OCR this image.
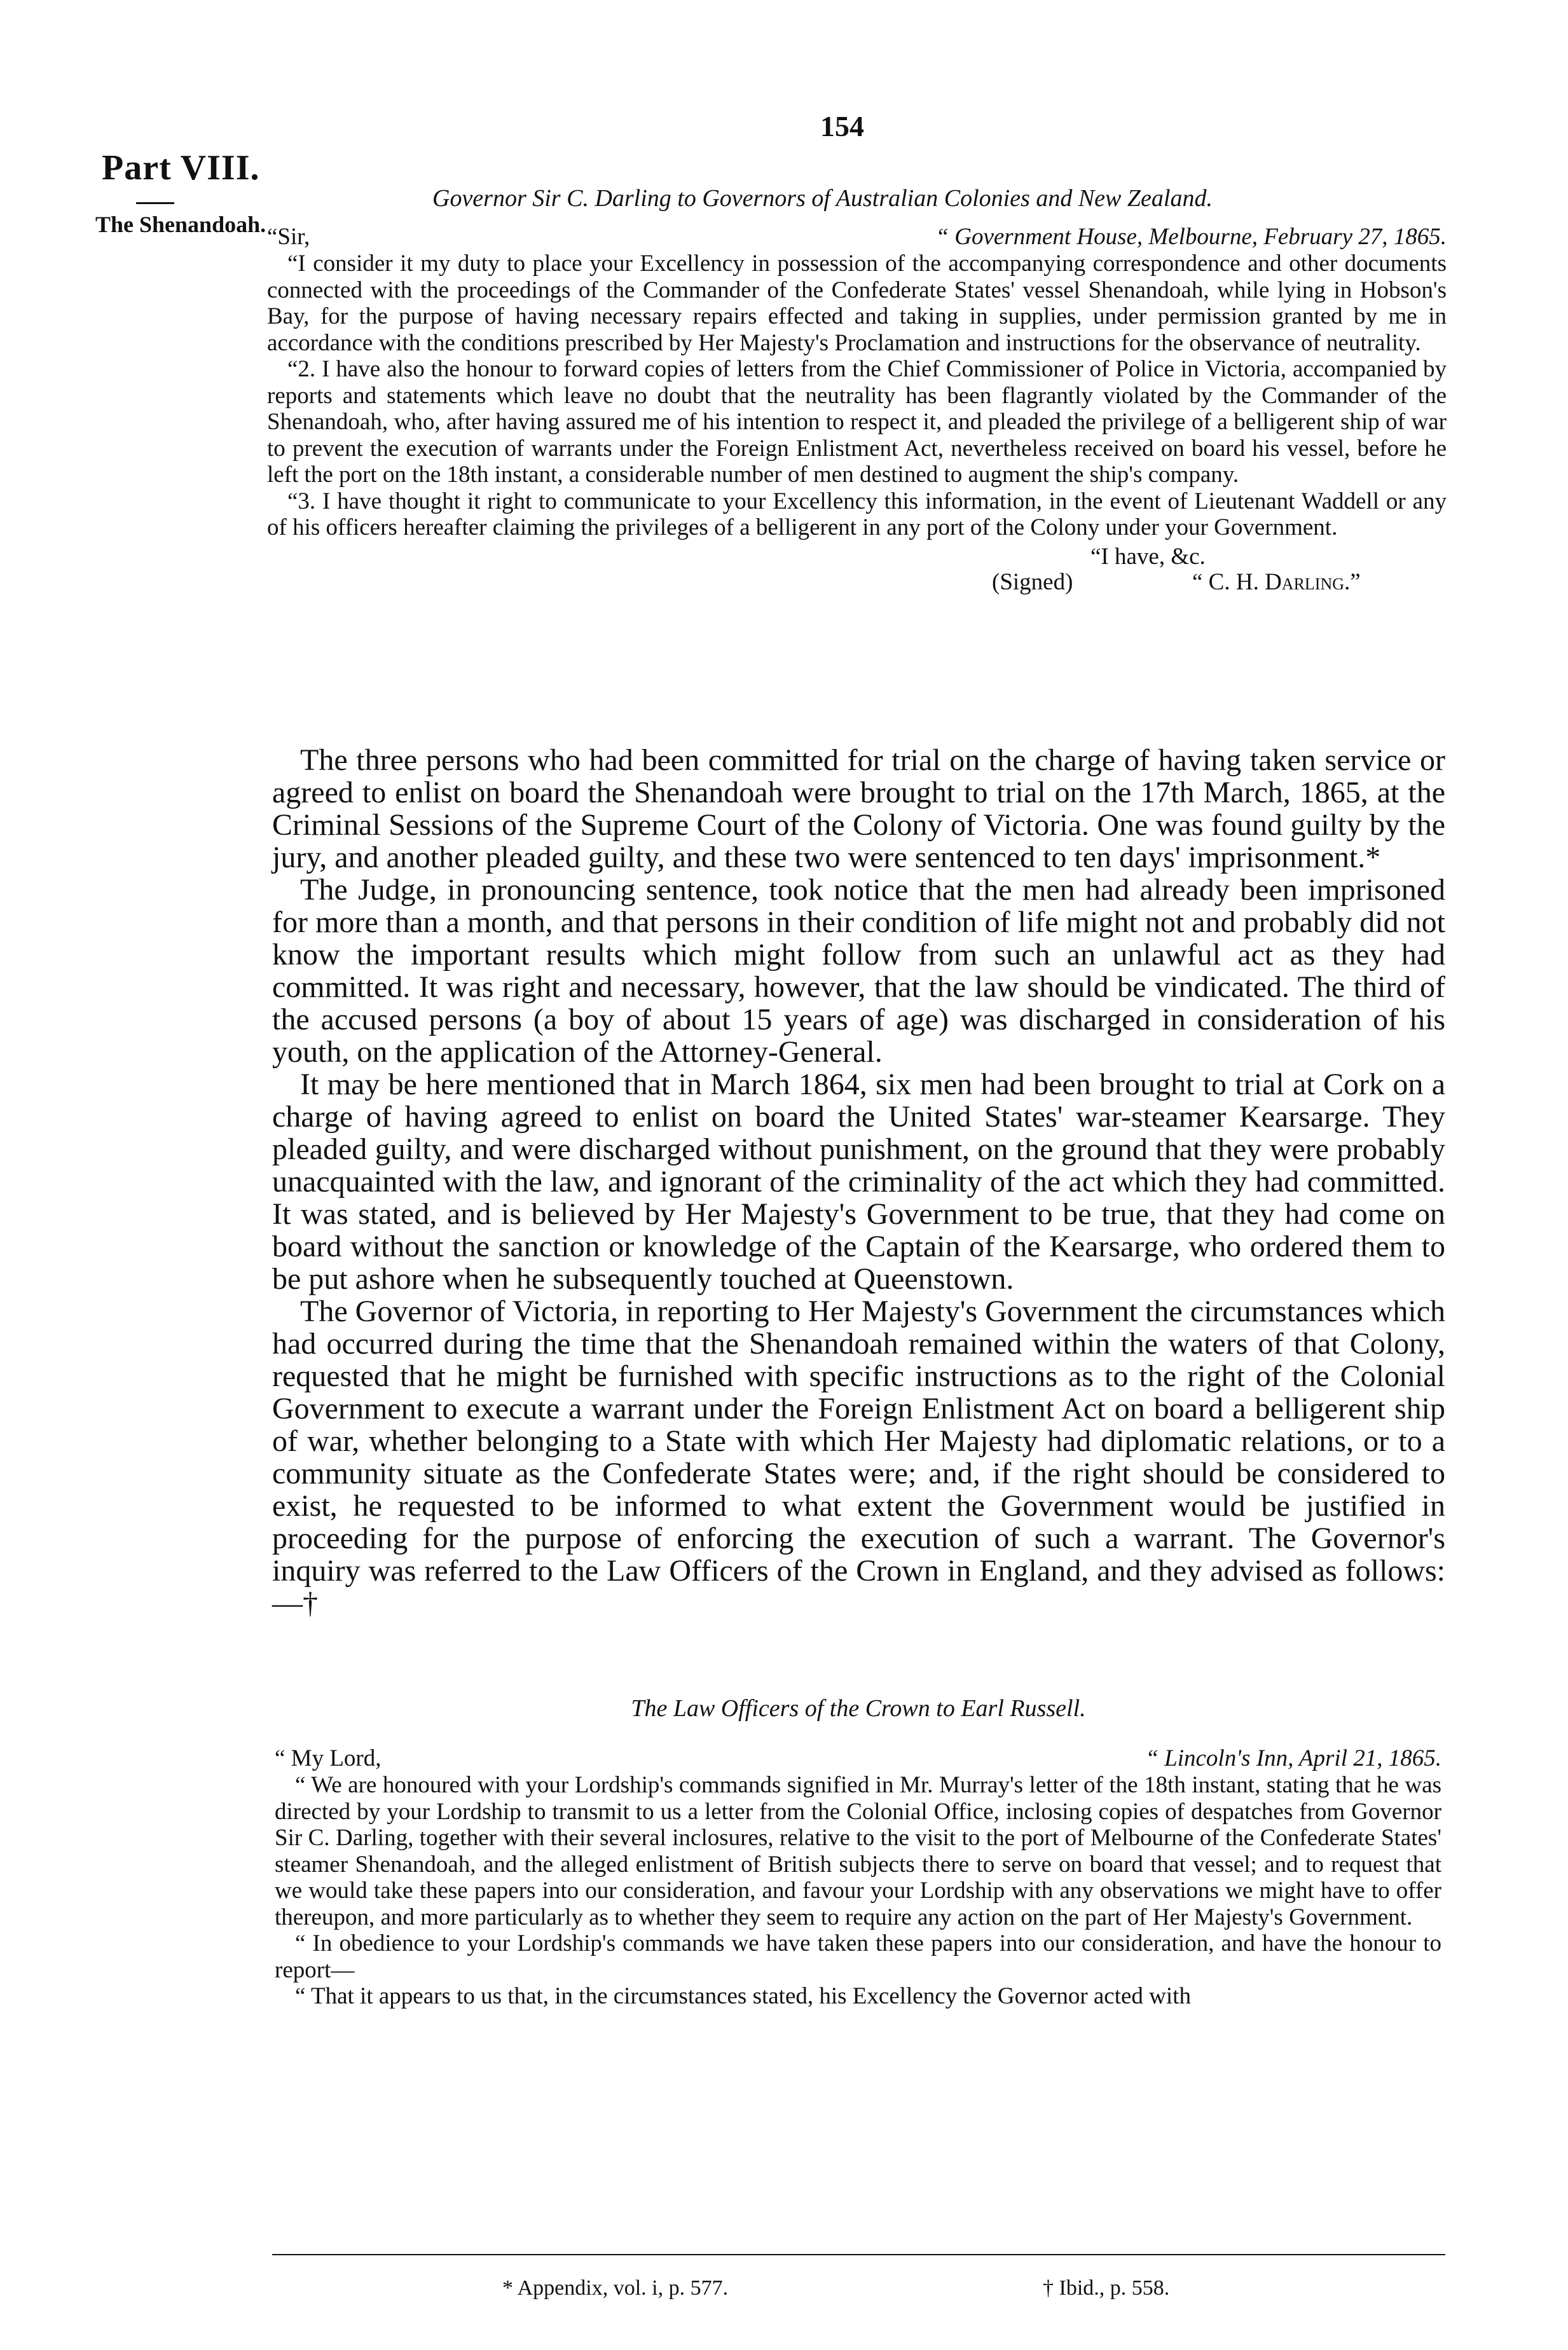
Part VIII.
The Shenandoah.
154
Governor Sir C. Darling to Governors of Australian Colonies and New Zealand.
“Sir,	“ Government House, Melbourne, February 27, 1865.

“I consider it my duty to place your Excellency in possession of the accompanying correspondence and other documents connected with the proceedings of the Commander of the Confederate States' vessel Shenandoah, while lying in Hobson's Bay, for the purpose of having necessary repairs effected and taking in supplies, under permission granted by me in accordance with the conditions prescribed by Her Majesty's Proclamation and instructions for the observance of neutrality.

“2. I have also the honour to forward copies of letters from the Chief Commissioner of Police in Victoria, accompanied by reports and statements which leave no doubt that the neutrality has been flagrantly violated by the Commander of the Shenandoah, who, after having assured me of his intention to respect it, and pleaded the privilege of a belligerent ship of war to prevent the execution of warrants under the Foreign Enlistment Act, nevertheless received on board his vessel, before he left the port on the 18th instant, a considerable number of men destined to augment the ship's company.

“3. I have thought it right to communicate to your Excellency this information, in the event of Lieutenant Waddell or any of his officers hereafter claiming the privileges of a belligerent in any port of the Colony under your Government.

“I have, &c.
(Signed)	“ C. H. Darling.”

The three persons who had been committed for trial on the charge of having taken service or agreed to enlist on board the Shenandoah were brought to trial on the 17th March, 1865, at the Criminal Sessions of the Supreme Court of the Colony of Victoria. One was found guilty by the jury, and another pleaded guilty, and these two were sentenced to ten days' imprisonment.*

The Judge, in pronouncing sentence, took notice that the men had already been imprisoned for more than a month, and that persons in their condition of life might not and probably did not know the important results which might follow from such an unlawful act as they had committed. It was right and necessary, however, that the law should be vindicated. The third of the accused persons (a boy of about 15 years of age) was discharged in consideration of his youth, on the application of the Attorney-General.

It may be here mentioned that in March 1864, six men had been brought to trial at Cork on a charge of having agreed to enlist on board the United States' war-steamer Kearsarge. They pleaded guilty, and were discharged without punishment, on the ground that they were probably unacquainted with the law, and ignorant of the criminality of the act which they had committed. It was stated, and is believed by Her Majesty's Government to be true, that they had come on board without the sanction or knowledge of the Captain of the Kearsarge, who ordered them to be put ashore when he subsequently touched at Queenstown.

The Governor of Victoria, in reporting to Her Majesty's Government the circumstances which had occurred during the time that the Shenandoah remained within the waters of that Colony, requested that he might be furnished with specific instructions as to the right of the Colonial Government to execute a warrant under the Foreign Enlistment Act on board a belligerent ship of war, whether belonging to a State with which Her Majesty had diplomatic relations, or to a community situate as the Confederate States were; and, if the right should be considered to exist, he requested to be informed to what extent the Government would be justified in proceeding for the purpose of enforcing the execution of such a warrant. The Governor's inquiry was referred to the Law Officers of the Crown in England, and they advised as follows:—†

The Law Officers of the Crown to Earl Russell.
“ My Lord,	“ Lincoln's Inn, April 21, 1865.

“ We are honoured with your Lordship's commands signified in Mr. Murray's letter of the 18th instant, stating that he was directed by your Lordship to transmit to us a letter from the Colonial Office, inclosing copies of despatches from Governor Sir C. Darling, together with their several inclosures, relative to the visit to the port of Melbourne of the Confederate States' steamer Shenandoah, and the alleged enlistment of British subjects there to serve on board that vessel; and to request that we would take these papers into our consideration, and favour your Lordship with any observations we might have to offer thereupon, and more particularly as to whether they seem to require any action on the part of Her Majesty's Government.

“ In obedience to your Lordship's commands we have taken these papers into our consideration, and have the honour to report—

“ That it appears to us that, in the circumstances stated, his Excellency the Governor acted with

* Appendix, vol. i, p. 577.	† Ibid., p. 558.
